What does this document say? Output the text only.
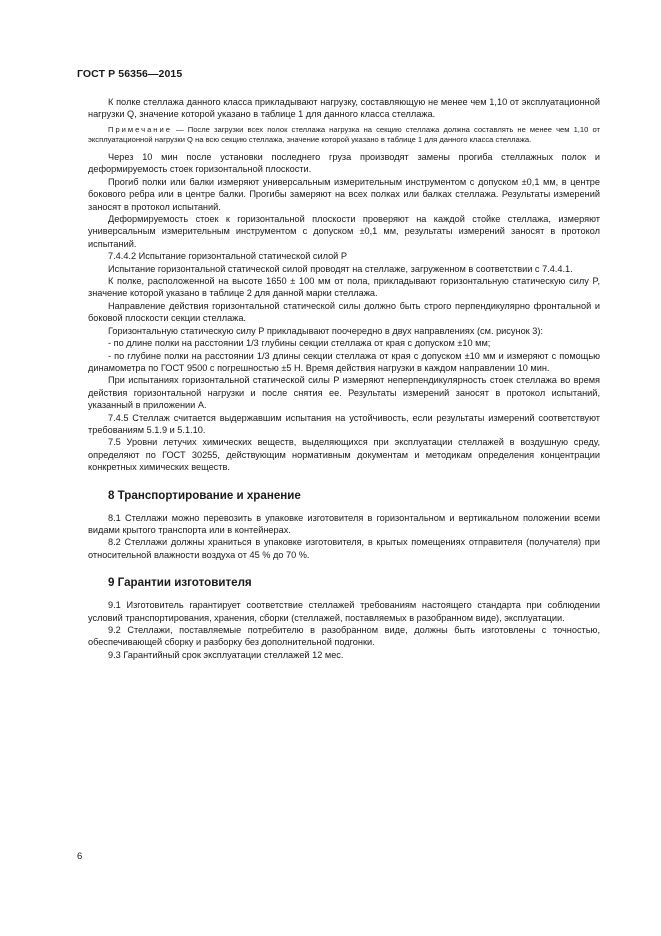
ГОСТ Р 56356—2015

К полке стеллажа данного класса прикладывают нагрузку, составляющую не менее чем 1,10 от эксплуатационной нагрузки Q, значение которой указано в таблице 1 для данного класса стеллажа.

Примечание — После загрузки всех полок стеллажа нагрузка на секцию стеллажа должна составлять не менее чем 1,10 от эксплуатационной нагрузки Q на всю секцию стеллажа, значение которой указано в таблице 1 для данного класса стеллажа.

Через 10 мин после установки последнего груза производят замены прогиба стеллажных полок и деформируемость стоек горизонтальной плоскости.

Прогиб полки или балки измеряют универсальным измерительным инструментом с допуском ±0,1 мм, в центре бокового ребра или в центре балки. Прогибы замеряют на всех полках или балках стеллажа. Результаты измерений заносят в протокол испытаний.

Деформируемость стоек к горизонтальной плоскости проверяют на каждой стойке стеллажа, измеряют универсальным измерительным инструментом с допуском ±0,1 мм, результаты измерений заносят в протокол испытаний.

7.4.4.2 Испытание горизонтальной статической силой P

Испытание горизонтальной статической силой проводят на стеллаже, загруженном в соответствии с 7.4.4.1.

К полке, расположенной на высоте 1650 ± 100 мм от пола, прикладывают горизонтальную статическую силу P, значение которой указано в таблице 2 для данной марки стеллажа.

Направление действия горизонтальной статической силы должно быть строго перпендикулярно фронтальной и боковой плоскости секции стеллажа.

Горизонтальную статическую силу P прикладывают поочередно в двух направлениях (см. рисунок 3):

- по длине полки на расстоянии 1/3 глубины секции стеллажа от края с допуском ±10 мм;

- по глубине полки на расстоянии 1/3 длины секции стеллажа от края с допуском ±10 мм и измеряют с помощью динамометра по ГОСТ 9500 с погрешностью ±5 Н. Время действия нагрузки в каждом направлении 10 мин.

При испытаниях горизонтальной статической силы P измеряют неперпендикулярность стоек стеллажа во время действия горизонтальной нагрузки и после снятия ее. Результаты измерений заносят в протокол испытаний, указанный в приложении А.

7.4.5 Стеллаж считается выдержавшим испытания на устойчивость, если результаты измерений соответствуют требованиям 5.1.9 и 5.1.10.

7.5 Уровни летучих химических веществ, выделяющихся при эксплуатации стеллажей в воздушную среду, определяют по ГОСТ 30255, действующим нормативным документам и методикам определения концентрации конкретных химических веществ.

8 Транспортирование и хранение

8.1 Стеллажи можно перевозить в упаковке изготовителя в горизонтальном и вертикальном положении всеми видами крытого транспорта или в контейнерах.

8.2 Стеллажи должны храниться в упаковке изготовителя, в крытых помещениях отправителя (получателя) при относительной влажности воздуха от 45 % до 70 %.

9 Гарантии изготовителя

9.1 Изготовитель гарантирует соответствие стеллажей требованиям настоящего стандарта при соблюдении условий транспортирования, хранения, сборки (стеллажей, поставляемых в разобранном виде), эксплуатации.

9.2 Стеллажи, поставляемые потребителю в разобранном виде, должны быть изготовлены с точностью, обеспечивающей сборку и разборку без дополнительной подгонки.

9.3 Гарантийный срок эксплуатации стеллажей 12 мес.

6
